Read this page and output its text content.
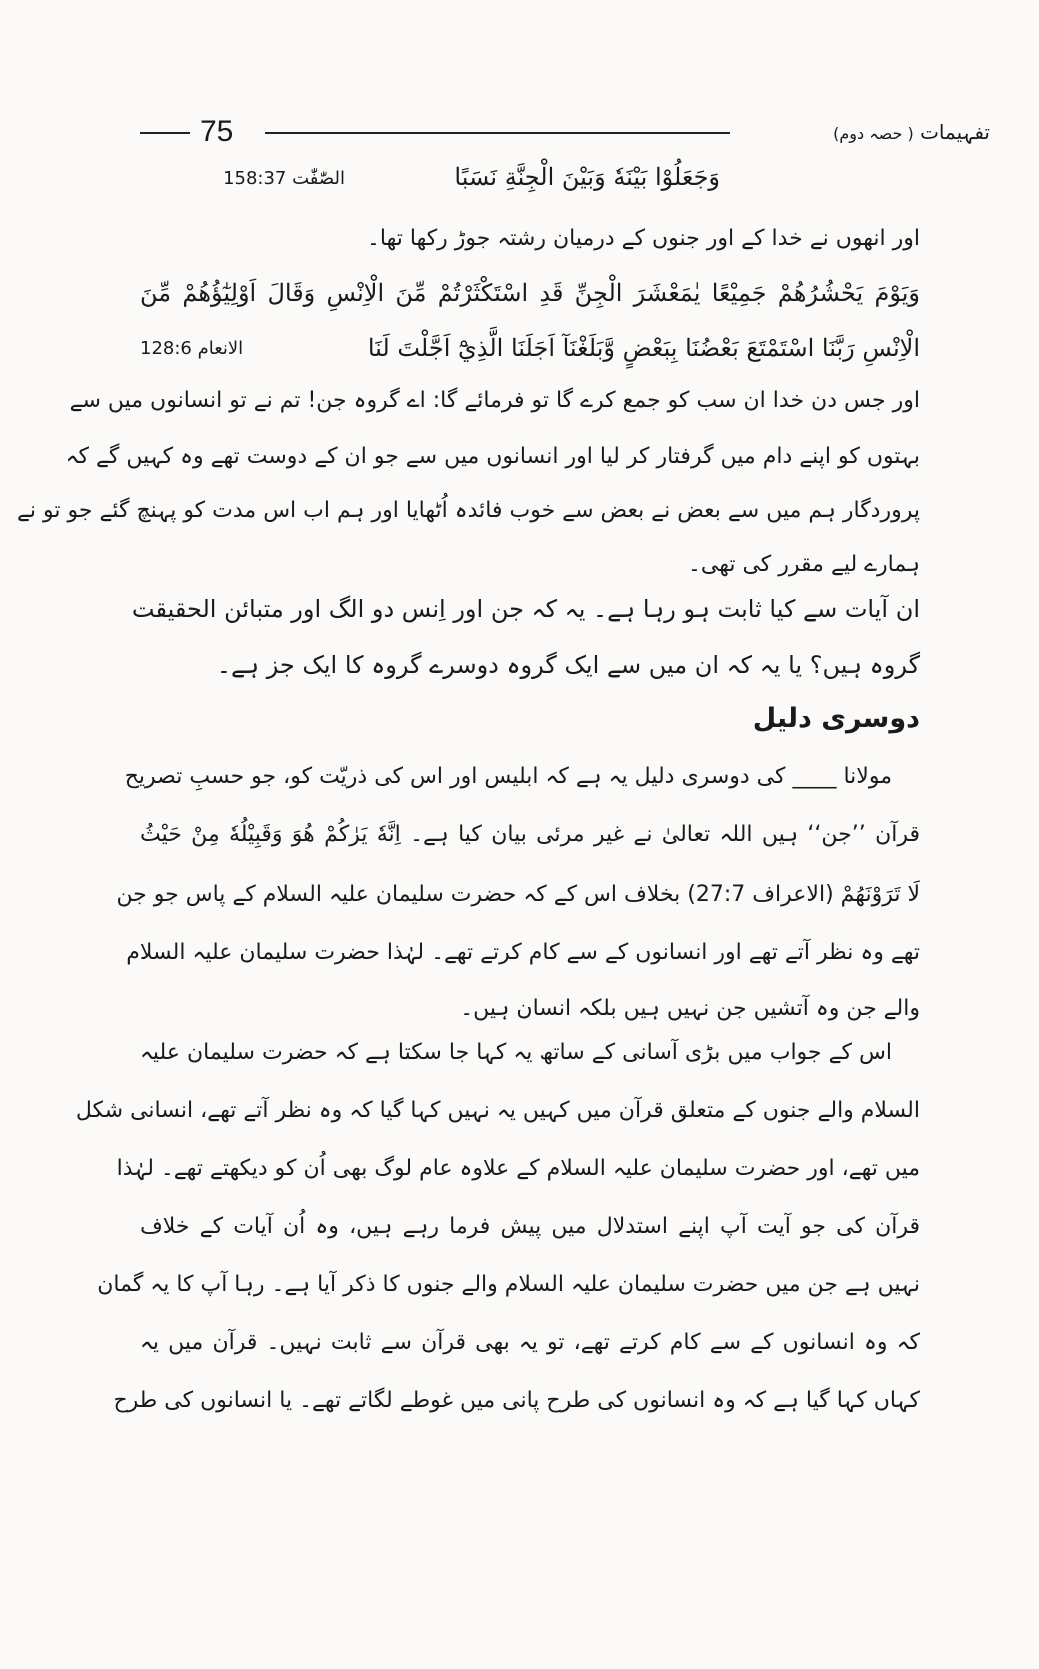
75	تفہیمات ( حصہ دوم)
وَجَعَلُوْا بَيْنَهٗ وَبَيْنَ الْجِنَّةِ نَسَبًا
الصّٰفّٰت 158:37
اور انھوں نے خدا کے اور جنوں کے درمیان رشتہ جوڑ رکھا تھا۔
وَيَوْمَ يَحْشُرُهُمْ جَمِيْعًا يٰمَعْشَرَ الْجِنِّ قَدِ اسْتَكْثَرْتُمْ مِّنَ الْاِنْسِ وَقَالَ اَوْلِيٰٓؤُهُمْ مِّنَ
الْاِنْسِ رَبَّنَا اسْتَمْتَعَ بَعْضُنَا بِبَعْضٍ وَّبَلَغْنَآ اَجَلَنَا الَّذِيْٓ اَجَّلْتَ لَنَا
الانعام 128:6
اور جس دن خدا ان سب کو جمع کرے گا تو فرمائے گا: اے گروہ جن! تم نے تو انسانوں میں سے
بہتوں کو اپنے دام میں گرفتار کر لیا اور انسانوں میں سے جو ان کے دوست تھے وہ کہیں گے کہ
پروردگار ہم میں سے بعض نے بعض سے خوب فائدہ اُٹھایا اور ہم اب اس مدت کو پہنچ گئے جو تو نے
ہمارے لیے مقرر کی تھی۔
ان آیات سے کیا ثابت ہو رہا ہے۔ یہ کہ جن اور اِنس دو الگ اور متبائن الحقیقت
گروہ ہیں؟ یا یہ کہ ان میں سے ایک گروہ دوسرے گروہ کا ایک جز ہے۔
دوسری دلیل
مولانا ____ کی دوسری دلیل یہ ہے کہ ابلیس اور اس کی ذریّت کو، جو حسبِ تصریح
قرآن ’’جن‘‘ ہیں اللہ تعالیٰ نے غیر مرئی بیان کیا ہے۔ اِنَّهٗ يَرٰكُمْ هُوَ وَقَبِيْلُهٗ مِنْ حَيْثُ
لَا تَرَوْنَهُمْ (الاعراف 27:7) بخلاف اس کے کہ حضرت سلیمان علیہ السلام کے پاس جو جن
تھے وہ نظر آتے تھے اور انسانوں کے سے کام کرتے تھے۔ لہٰذا حضرت سلیمان علیہ السلام
والے جن وہ آتشیں جن نہیں ہیں بلکہ انسان ہیں۔
اس کے جواب میں بڑی آسانی کے ساتھ یہ کہا جا سکتا ہے کہ حضرت سلیمان علیہ
السلام والے جنوں کے متعلق قرآن میں کہیں یہ نہیں کہا گیا کہ وہ نظر آتے تھے، انسانی شکل
میں تھے، اور حضرت سلیمان علیہ السلام کے علاوہ عام لوگ بھی اُن کو دیکھتے تھے۔ لہٰذا
قرآن کی جو آیت آپ اپنے استدلال میں پیش فرما رہے ہیں، وہ اُن آیات کے خلاف
نہیں ہے جن میں حضرت سلیمان علیہ السلام والے جنوں کا ذکر آیا ہے۔ رہا آپ کا یہ گمان
کہ وہ انسانوں کے سے کام کرتے تھے، تو یہ بھی قرآن سے ثابت نہیں۔ قرآن میں یہ
کہاں کہا گیا ہے کہ وہ انسانوں کی طرح پانی میں غوطے لگاتے تھے۔ یا انسانوں کی طرح
